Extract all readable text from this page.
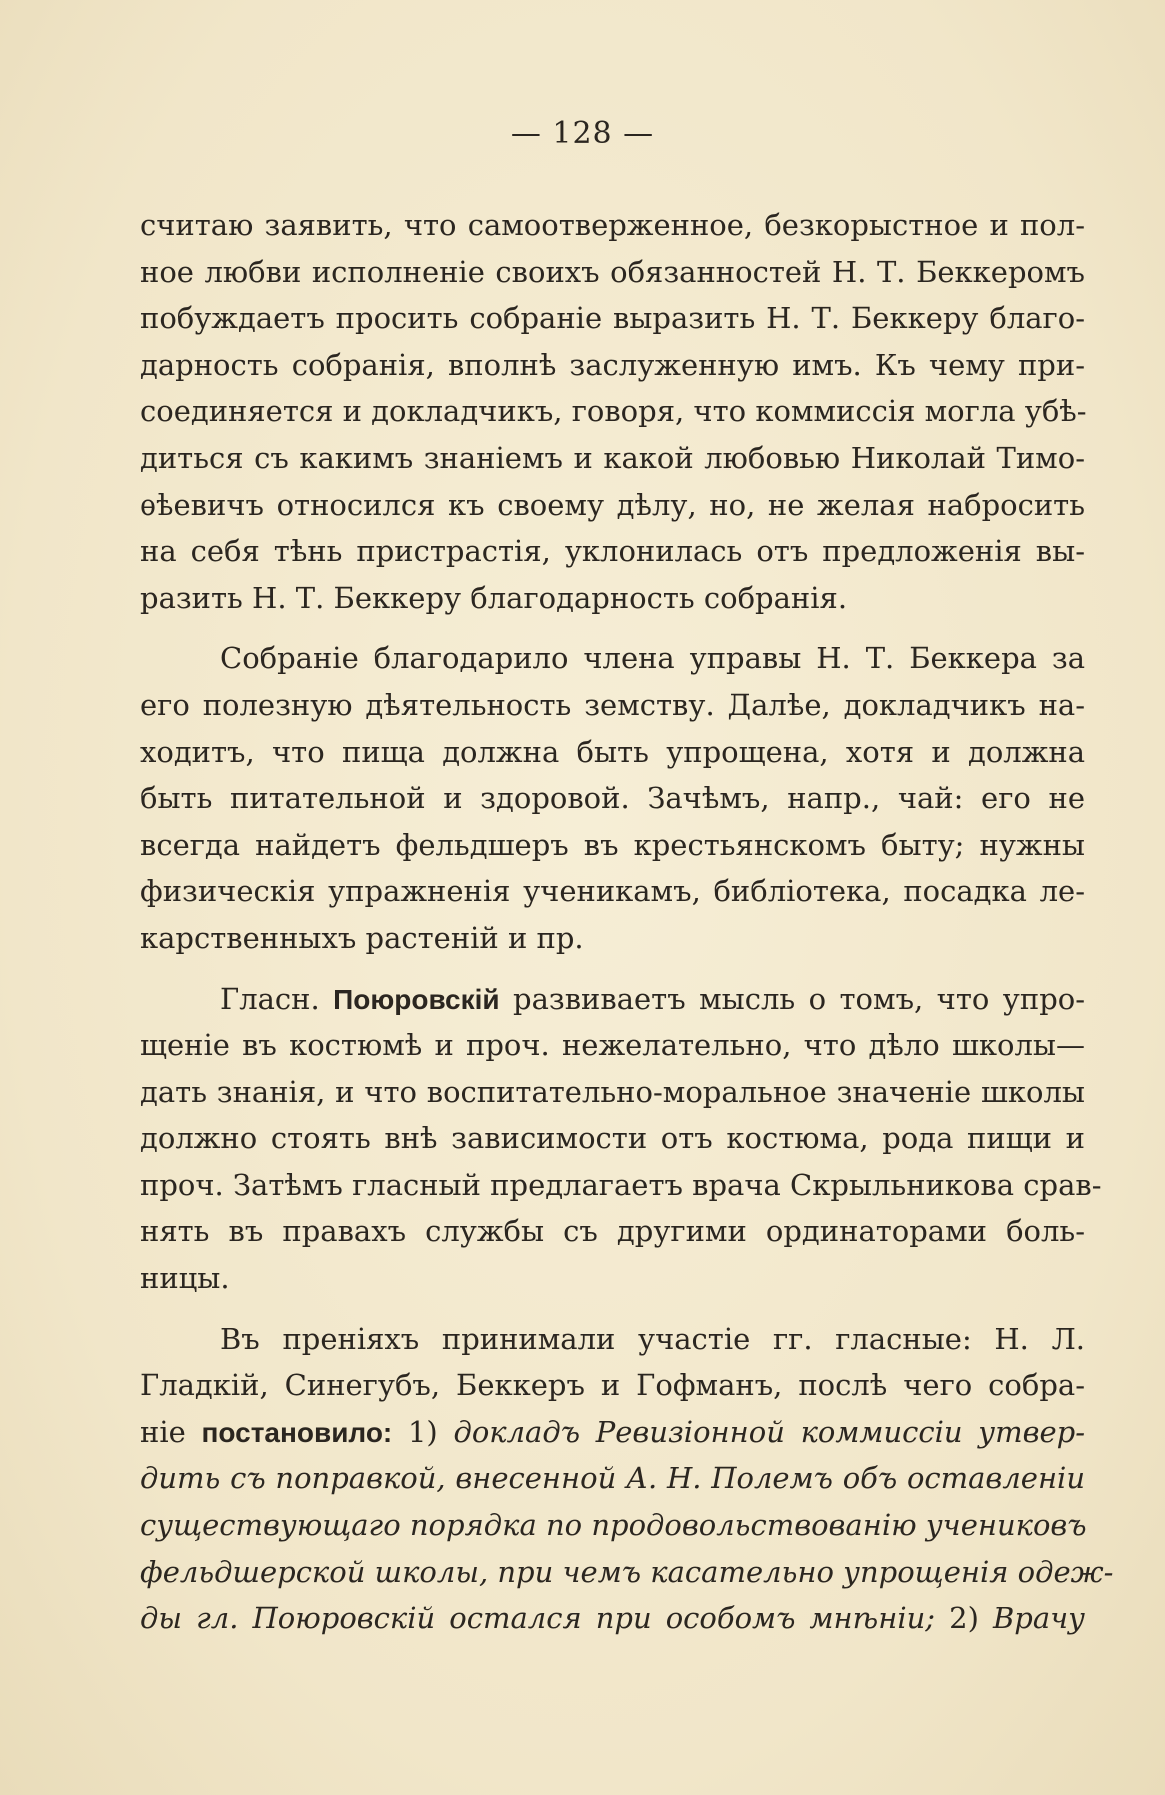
— 128 —
считаю заявить, что самоотверженное, безкорыстное и пол-
ное любви исполненіе своихъ обязанностей Н. Т. Беккеромъ
побуждаетъ просить собраніе выразить Н. Т. Беккеру благо-
дарность собранія, вполнѣ заслуженную имъ. Къ чему при-
соединяется и докладчикъ, говоря, что коммиссія могла убѣ-
диться съ какимъ знаніемъ и какой любовью Николай Тимо-
ѳѣевичъ относился къ своему дѣлу, но, не желая набросить
на себя тѣнь пристрастія, уклонилась отъ предложенія вы-
разить Н. Т. Беккеру благодарность собранія.
Собраніе благодарило члена управы Н. Т. Беккера за
его полезную дѣятельность земству. Далѣе, докладчикъ на-
ходитъ, что пища должна быть упрощена, хотя и должна
быть питательной и здоровой. Зачѣмъ, напр., чай: его не
всегда найдетъ фельдшеръ въ крестьянскомъ быту; нужны
физическія упражненія ученикамъ, библіотека, посадка ле-
карственныхъ растеній и пр.
Гласн. Поюровскій развиваетъ мысль о томъ, что упро-
щеніе въ костюмѣ и проч. нежелательно, что дѣло школы—
дать знанія, и что воспитательно-моральное значеніе школы
должно стоять внѣ зависимости отъ костюма, рода пищи и
проч. Затѣмъ гласный предлагаетъ врача Скрыльникова срав-
нять въ правахъ службы съ другими ординаторами боль-
ницы.
Въ преніяхъ принимали участіе гг. гласные: Н. Л.
Гладкій, Синегубъ, Беккеръ и Гофманъ, послѣ чего собра-
ніе постановило: 1) докладъ Ревизіонной коммиссіи утвер-
дить съ поправкой, внесенной А. Н. Полемъ объ оставленіи
существующаго порядка по продовольствованію учениковъ
фельдшерской школы, при чемъ касательно упрощенія одеж-
ды гл. Поюровскій остался при особомъ мнѣніи; 2) Врачу
